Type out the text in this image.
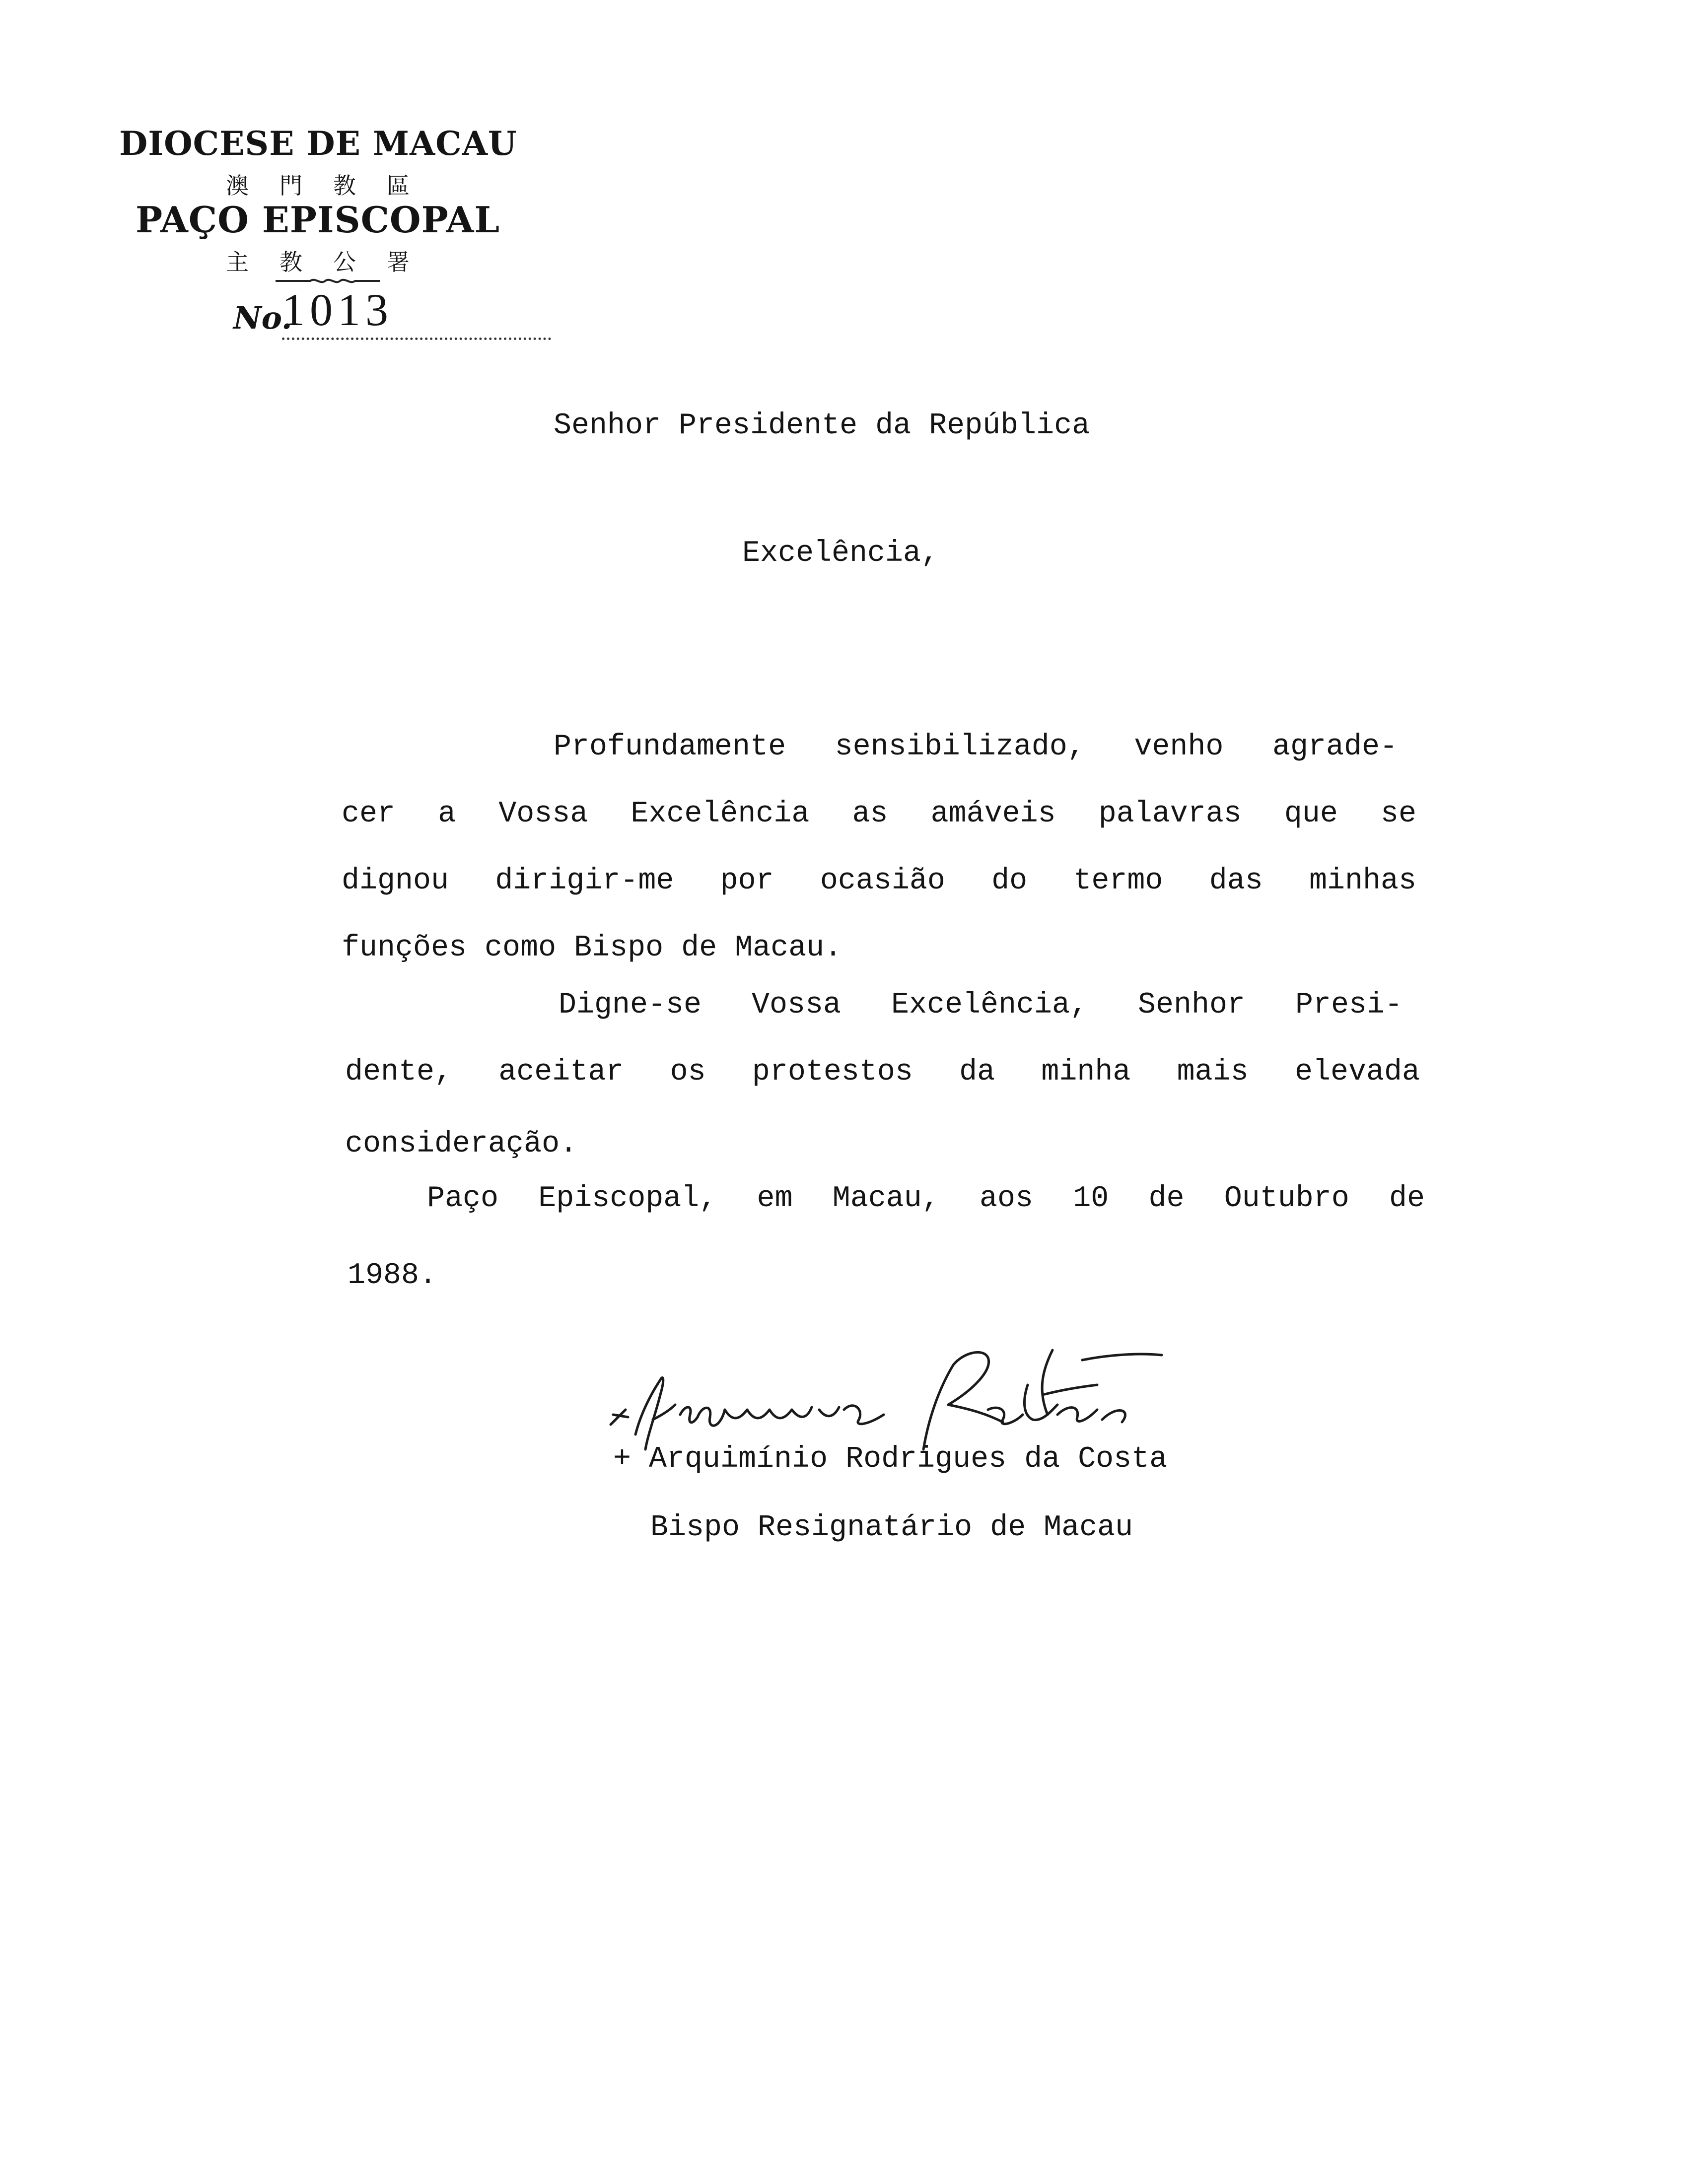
DIOCESE DE MACAU
澳門教區
PAÇO EPISCOPAL
主教公署
No.
1013
Senhor Presidente da República
Excelência,
Profundamente sensibilizado, venho agrade-
cer a Vossa Excelência as amáveis palavras que se
dignou dirigir-me por ocasião do termo das minhas
funções como Bispo de Macau.
Digne-se Vossa Excelência, Senhor Presi-
dente, aceitar os protestos da minha mais elevada
consideração.
Paço Episcopal, em Macau, aos 10 de Outubro de
1988.
+ Arquimínio Rodrigues da Costa
Bispo Resignatário de Macau
